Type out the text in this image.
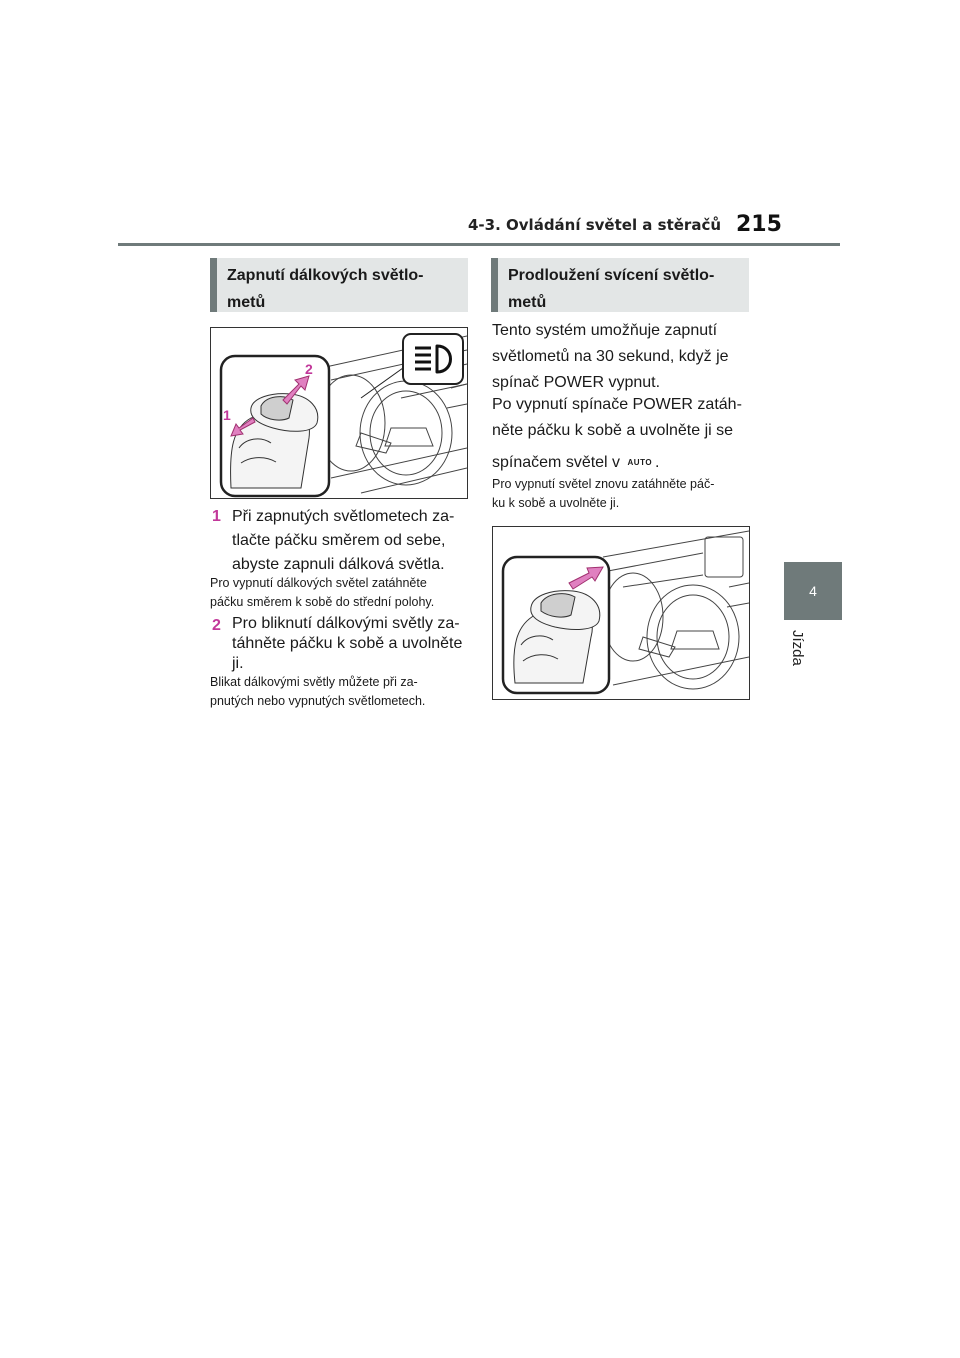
4-3. Ovládání světel a stěračů 215
4
Jízda
Zapnutí dálkových světlo-
metů
2
1
1 Při zapnutých světlometech za-
tlačte páčku směrem od sebe,
abyste zapnuli dálková světla.
Pro vypnutí dálkových světel zatáhněte
páčku směrem k sobě do střední polohy.
2 Pro bliknutí dálkovými světly za-
táhněte páčku k sobě a uvolněte
ji.
Blikat dálkovými světly můžete při za-
pnutých nebo vypnutých světlometech.
Prodloužení svícení světlo-
metů
Tento systém umožňuje zapnutí
světlometů na 30 sekund, když je
spínač POWER vypnut.
Po vypnutí spínače POWER zatáh-
něte páčku k sobě a uvolněte ji se
spínačem světel v AUTO .
Pro vypnutí světel znovu zatáhněte páč-
ku k sobě a uvolněte ji.
